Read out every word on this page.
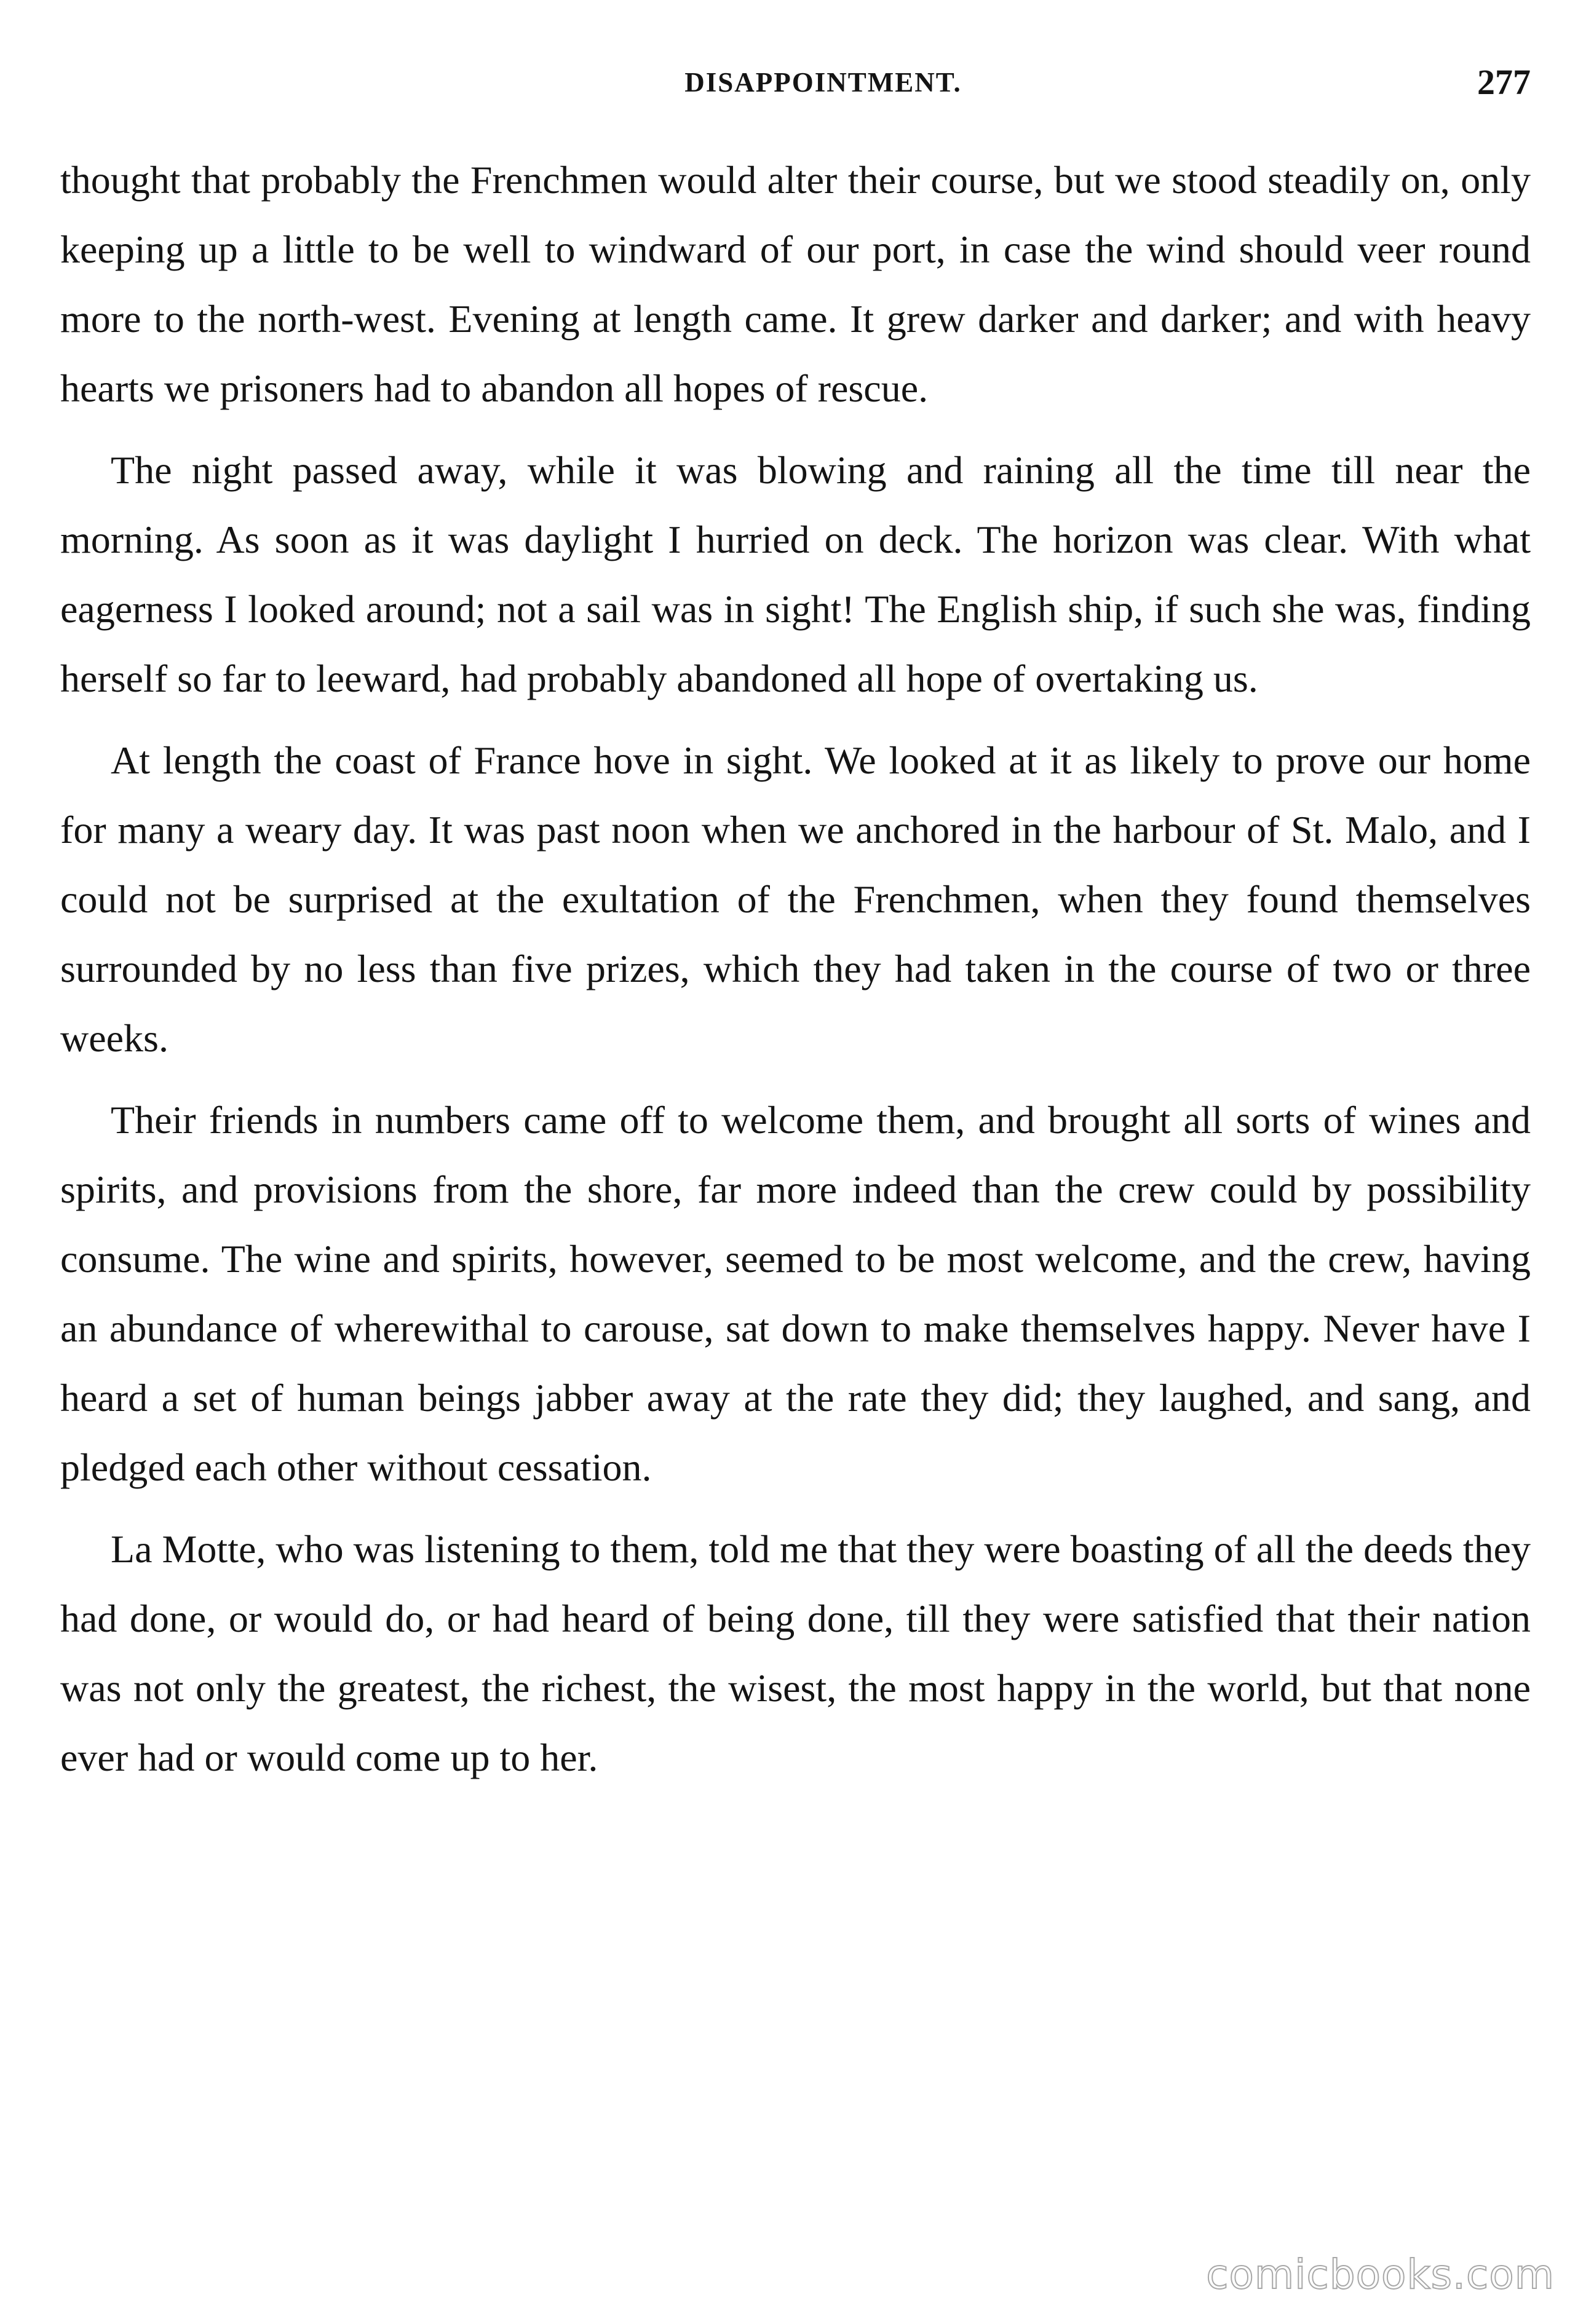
DISAPPOINTMENT.	277

thought that probably the Frenchmen would alter their course, but we stood steadily on, only keeping up a little to be well to windward of our port, in case the wind should veer round more to the north-west. Evening at length came. It grew darker and darker; and with heavy hearts we prisoners had to abandon all hopes of rescue.

The night passed away, while it was blowing and raining all the time till near the morning. As soon as it was daylight I hurried on deck. The horizon was clear. With what eagerness I looked around; not a sail was in sight! The English ship, if such she was, finding herself so far to leeward, had probably abandoned all hope of overtaking us.

At length the coast of France hove in sight. We looked at it as likely to prove our home for many a weary day. It was past noon when we anchored in the harbour of St. Malo, and I could not be surprised at the exultation of the Frenchmen, when they found themselves surrounded by no less than five prizes, which they had taken in the course of two or three weeks.

Their friends in numbers came off to welcome them, and brought all sorts of wines and spirits, and provisions from the shore, far more indeed than the crew could by possibility consume. The wine and spirits, however, seemed to be most welcome, and the crew, having an abundance of wherewithal to carouse, sat down to make themselves happy. Never have I heard a set of human beings jabber away at the rate they did; they laughed, and sang, and pledged each other without cessation.

La Motte, who was listening to them, told me that they were boasting of all the deeds they had done, or would do, or had heard of being done, till they were satisfied that their nation was not only the greatest, the richest, the wisest, the most happy in the world, but that none ever had or would come up to her.

comicbooks.com
